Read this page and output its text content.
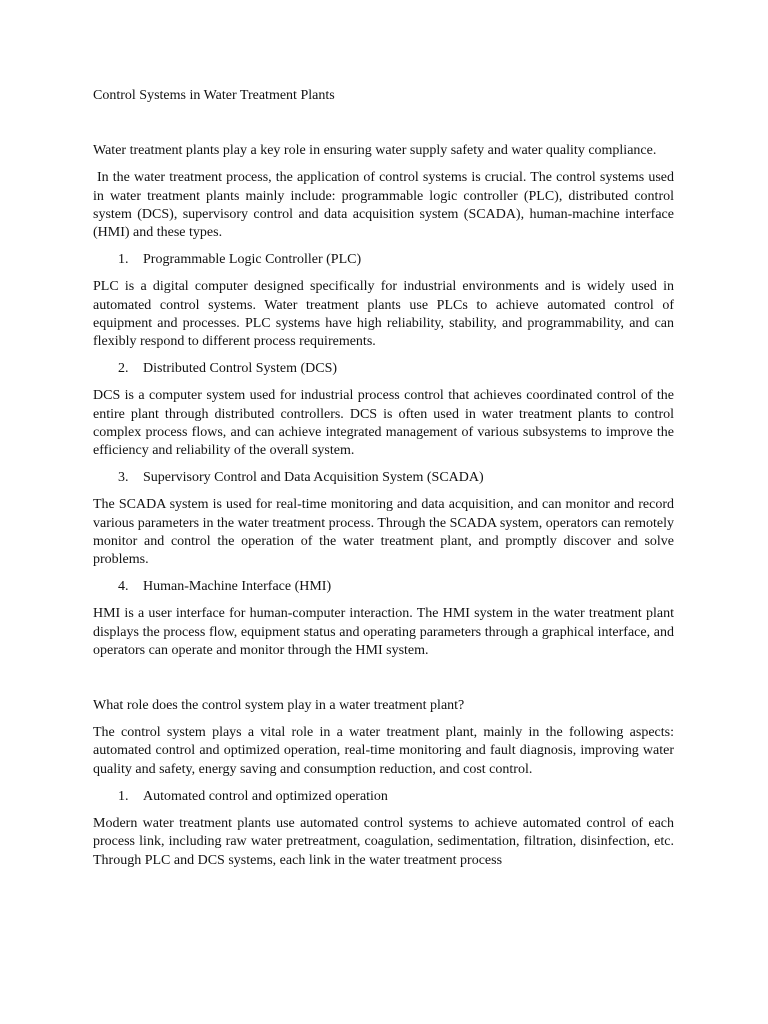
Control Systems in Water Treatment Plants

Water treatment plants play a key role in ensuring water supply safety and water quality compliance.

In the water treatment process, the application of control systems is crucial. The control systems used in water treatment plants mainly include: programmable logic controller (PLC), distributed control system (DCS), supervisory control and data acquisition system (SCADA), human-machine interface (HMI) and these types.

1.	Programmable Logic Controller (PLC)

PLC is a digital computer designed specifically for industrial environments and is widely used in automated control systems. Water treatment plants use PLCs to achieve automated control of equipment and processes. PLC systems have high reliability, stability, and programmability, and can flexibly respond to different process requirements.

2.	Distributed Control System (DCS)

DCS is a computer system used for industrial process control that achieves coordinated control of the entire plant through distributed controllers. DCS is often used in water treatment plants to control complex process flows, and can achieve integrated management of various subsystems to improve the efficiency and reliability of the overall system.

3.	Supervisory Control and Data Acquisition System (SCADA)

The SCADA system is used for real-time monitoring and data acquisition, and can monitor and record various parameters in the water treatment process. Through the SCADA system, operators can remotely monitor and control the operation of the water treatment plant, and promptly discover and solve problems.

4.	Human-Machine Interface (HMI)

HMI is a user interface for human-computer interaction. The HMI system in the water treatment plant displays the process flow, equipment status and operating parameters through a graphical interface, and operators can operate and monitor through the HMI system.

What role does the control system play in a water treatment plant?

The control system plays a vital role in a water treatment plant, mainly in the following aspects: automated control and optimized operation, real-time monitoring and fault diagnosis, improving water quality and safety, energy saving and consumption reduction, and cost control.

1.	Automated control and optimized operation

Modern water treatment plants use automated control systems to achieve automated control of each process link, including raw water pretreatment, coagulation, sedimentation, filtration, disinfection, etc. Through PLC and DCS systems, each link in the water treatment process
